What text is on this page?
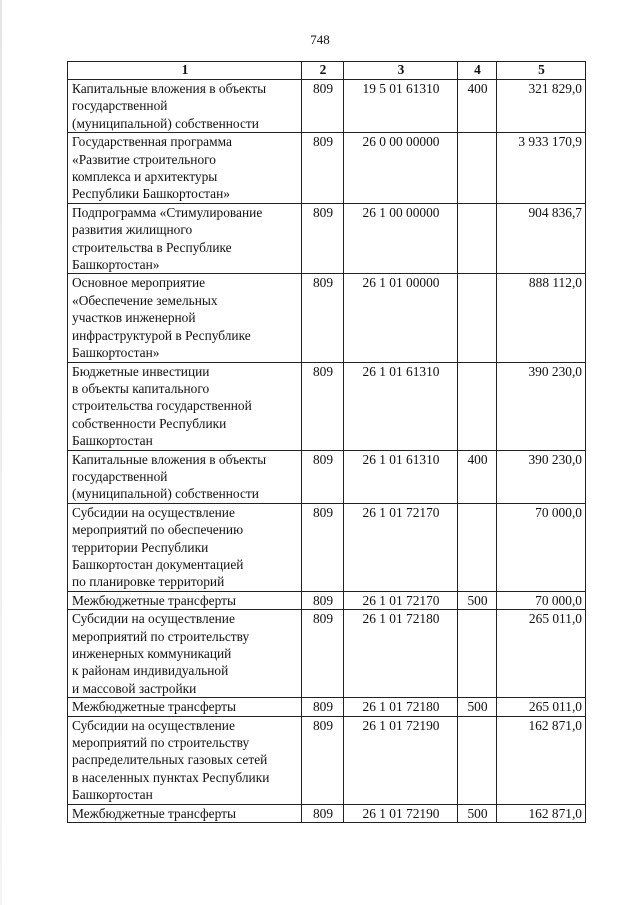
748
1	2	3	4	5
Капитальные вложения в объекты
государственной
(муниципальной) собственности	809	19 5 01 61310	400	321 829,0
Государственная программа
«Развитие строительного
комплекса и архитектуры
Республики Башкортостан»	809	26 0 00 00000		3 933 170,9
Подпрограмма «Стимулирование
развития жилищного
строительства в Республике
Башкортостан»	809	26 1 00 00000		904 836,7
Основное мероприятие
«Обеспечение земельных
участков инженерной
инфраструктурой в Республике
Башкортостан»	809	26 1 01 00000		888 112,0
Бюджетные инвестиции
в объекты капитального
строительства государственной
собственности Республики
Башкортостан	809	26 1 01 61310		390 230,0
Капитальные вложения в объекты
государственной
(муниципальной) собственности	809	26 1 01 61310	400	390 230,0
Субсидии на осуществление
мероприятий по обеспечению
территории Республики
Башкортостан документацией
по планировке территорий	809	26 1 01 72170		70 000,0
Межбюджетные трансферты	809	26 1 01 72170	500	70 000,0
Субсидии на осуществление
мероприятий по строительству
инженерных коммуникаций
к районам индивидуальной
и массовой застройки	809	26 1 01 72180		265 011,0
Межбюджетные трансферты	809	26 1 01 72180	500	265 011,0
Субсидии на осуществление
мероприятий по строительству
распределительных газовых сетей
в населенных пунктах Республики
Башкортостан	809	26 1 01 72190		162 871,0
Межбюджетные трансферты	809	26 1 01 72190	500	162 871,0
